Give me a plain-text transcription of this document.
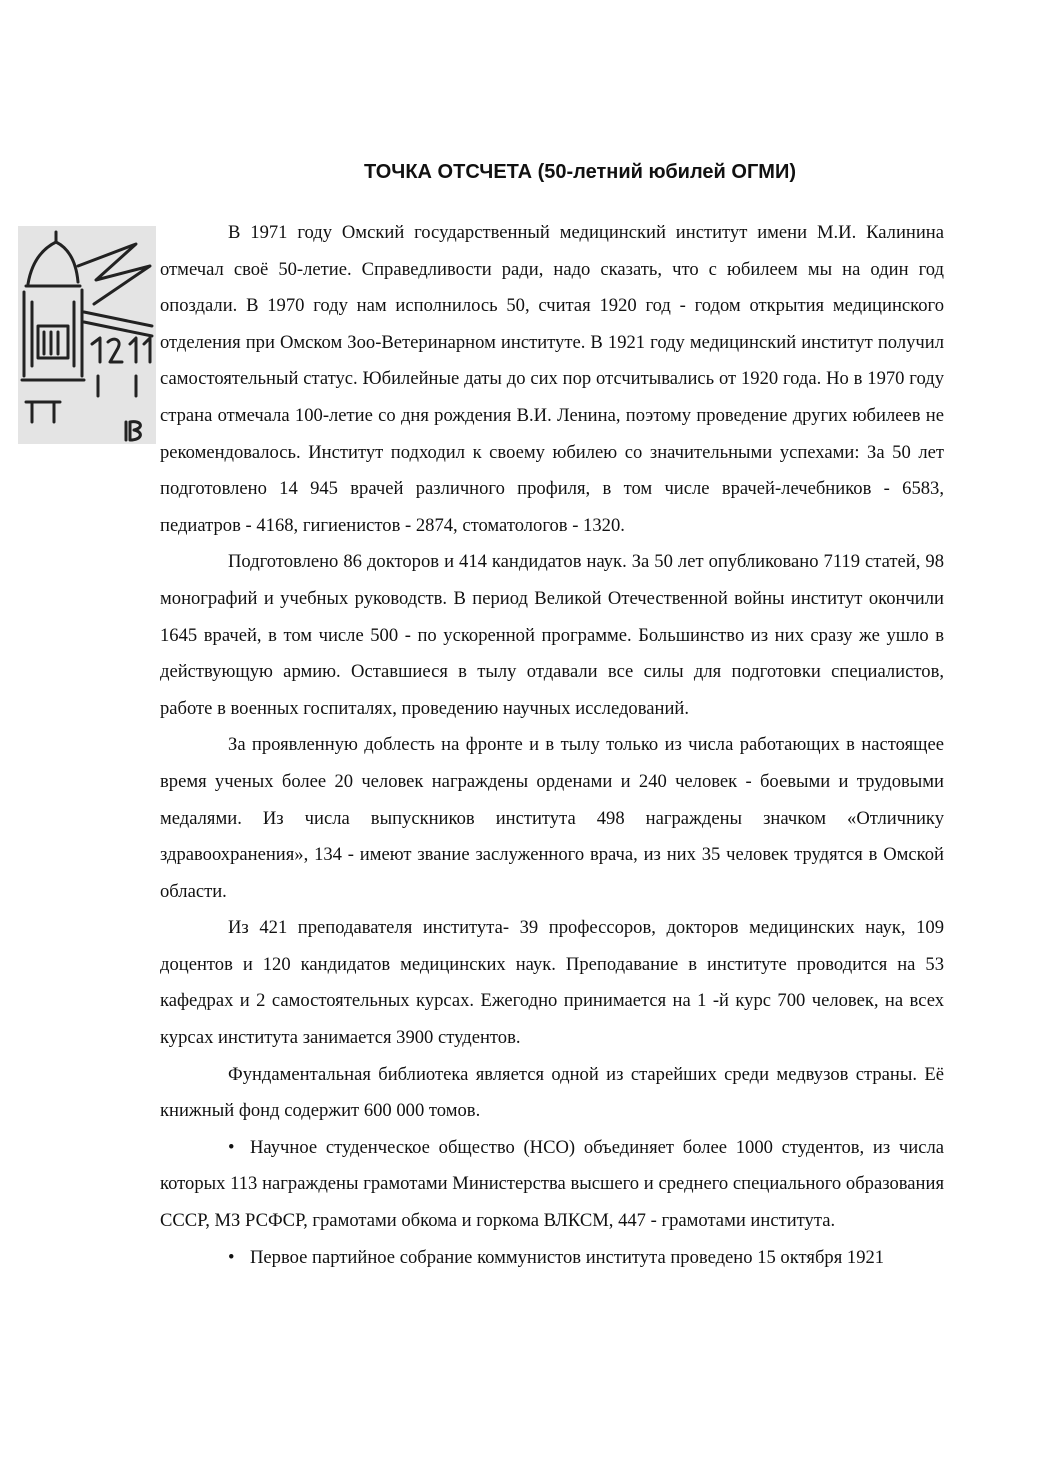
ТОЧКА ОТСЧЕТА (50-летний юбилей ОГМИ)

В 1971 году Омский государственный медицинский институт имени М.И. Калинина отмечал своё 50-летие. Справедливости ради, надо сказать, что с юбилеем мы на один год опоздали. В 1970 году нам исполнилось 50, считая 1920 год - годом открытия медицинского отделения при Омском Зоо-Ветеринарном институте. В 1921 году медицинский институт получил самостоятельный статус. Юбилейные даты до сих пор отсчитывались от 1920 года. Но в 1970 году страна отмечала 100-летие со дня рождения В.И. Ленина, поэтому проведение других юбилеев не рекомендовалось. Институт подходил к своему юбилею со значительными успехами: За 50 лет подготовлено 14 945 врачей различного профиля, в том числе врачей-лечебников - 6583, педиатров - 4168, гигиенистов - 2874, стоматологов - 1320.

Подготовлено 86 докторов и 414 кандидатов наук. За 50 лет опубликовано 7119 статей, 98 монографий и учебных руководств. В период Великой Отечественной войны институт окончили 1645 врачей, в том числе 500 - по ускоренной программе. Большинство из них сразу же ушло в действующую армию. Оставшиеся в тылу отдавали все силы для подготовки специалистов, работе в военных госпиталях, проведению научных исследований.

За проявленную доблесть на фронте и в тылу только из числа работающих в настоящее время ученых более 20 человек награждены орденами и 240 человек - боевыми и трудовыми медалями. Из числа выпускников института 498 награждены значком «Отличнику здравоохранения», 134 - имеют звание заслуженного врача, из них 35 человек трудятся в Омской области.

Из 421 преподавателя института- 39 профессоров, докторов медицинских наук, 109 доцентов и 120 кандидатов медицинских наук. Преподавание в институте проводится на 53 кафедрах и 2 самостоятельных курсах. Ежегодно принимается на 1 -й курс 700 человек, на всех курсах института занимается 3900 студентов.

Фундаментальная библиотека является одной из старейших среди медвузов страны. Её книжный фонд содержит 600 000 томов.

• Научное студенческое общество (НСО) объединяет более 1000 студентов, из числа которых 113 награждены грамотами Министерства высшего и среднего специального образования СССР, МЗ РСФСР, грамотами обкома и горкома ВЛКСМ, 447 - грамотами института.

• Первое партийное собрание коммунистов института проведено 15 октября 1921
